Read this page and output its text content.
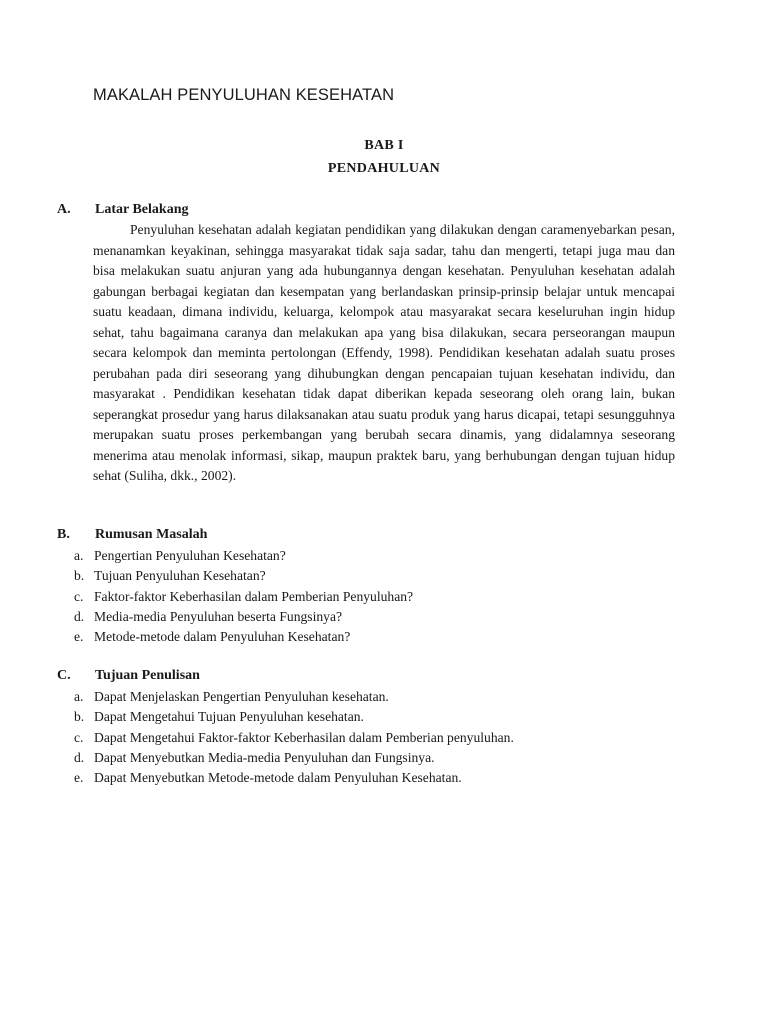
MAKALAH PENYULUHAN KESEHATAN
BAB I
PENDAHULUAN
A. Latar Belakang

Penyuluhan kesehatan adalah kegiatan pendidikan yang dilakukan dengan caramenyebarkan pesan, menanamkan keyakinan, sehingga masyarakat tidak saja sadar, tahu dan mengerti, tetapi juga mau dan bisa melakukan suatu anjuran yang ada hubungannya dengan kesehatan. Penyuluhan kesehatan adalah gabungan berbagai kegiatan dan kesempatan yang berlandaskan prinsip-prinsip belajar untuk mencapai suatu keadaan, dimana individu, keluarga, kelompok atau masyarakat secara keseluruhan ingin hidup sehat, tahu bagaimana caranya dan melakukan apa yang bisa dilakukan, secara perseorangan maupun secara kelompok dan meminta pertolongan (Effendy, 1998). Pendidikan kesehatan adalah suatu proses perubahan pada diri seseorang yang dihubungkan dengan pencapaian tujuan kesehatan individu, dan masyarakat . Pendidikan kesehatan tidak dapat diberikan kepada seseorang oleh orang lain, bukan seperangkat prosedur yang harus dilaksanakan atau suatu produk yang harus dicapai, tetapi sesungguhnya merupakan suatu proses perkembangan yang berubah secara dinamis, yang didalamnya seseorang menerima atau menolak informasi, sikap, maupun praktek baru, yang berhubungan dengan tujuan hidup sehat (Suliha, dkk., 2002).

B. Rumusan Masalah
a. Pengertian Penyuluhan Kesehatan?
b. Tujuan Penyuluhan Kesehatan?
c. Faktor-faktor Keberhasilan dalam Pemberian Penyuluhan?
d. Media-media Penyuluhan beserta Fungsinya?
e. Metode-metode dalam Penyuluhan Kesehatan?
C. Tujuan Penulisan
a. Dapat Menjelaskan Pengertian Penyuluhan kesehatan.
b. Dapat Mengetahui Tujuan Penyuluhan kesehatan.
c. Dapat Mengetahui Faktor-faktor Keberhasilan dalam Pemberian penyuluhan.
d. Dapat Menyebutkan Media-media Penyuluhan dan Fungsinya.
e. Dapat Menyebutkan Metode-metode dalam Penyuluhan Kesehatan.
